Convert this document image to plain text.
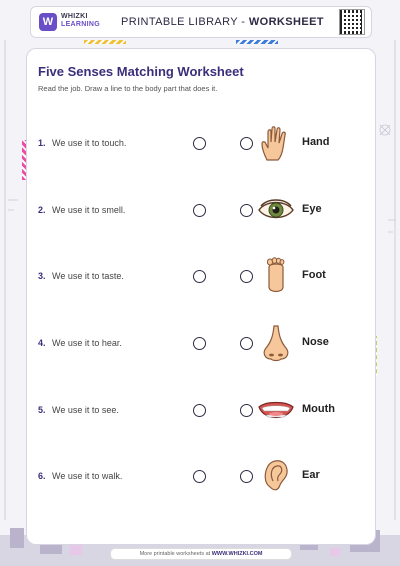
W	WHIZKI
LEARNING PRINTABLE LIBRARY - WORKSHEET
Five Senses Matching Worksheet
Read the job. Draw a line to the body part that does it.
1. We use it to touch.	Hand
2. We use it to smell.	Eye
3. We use it to taste.	Foot
4. We use it to hear.	Nose
5. We use it to see.	Mouth
6. We use it to walk.	Ear
More printable worksheets at WWW.WHIZKI.COM
